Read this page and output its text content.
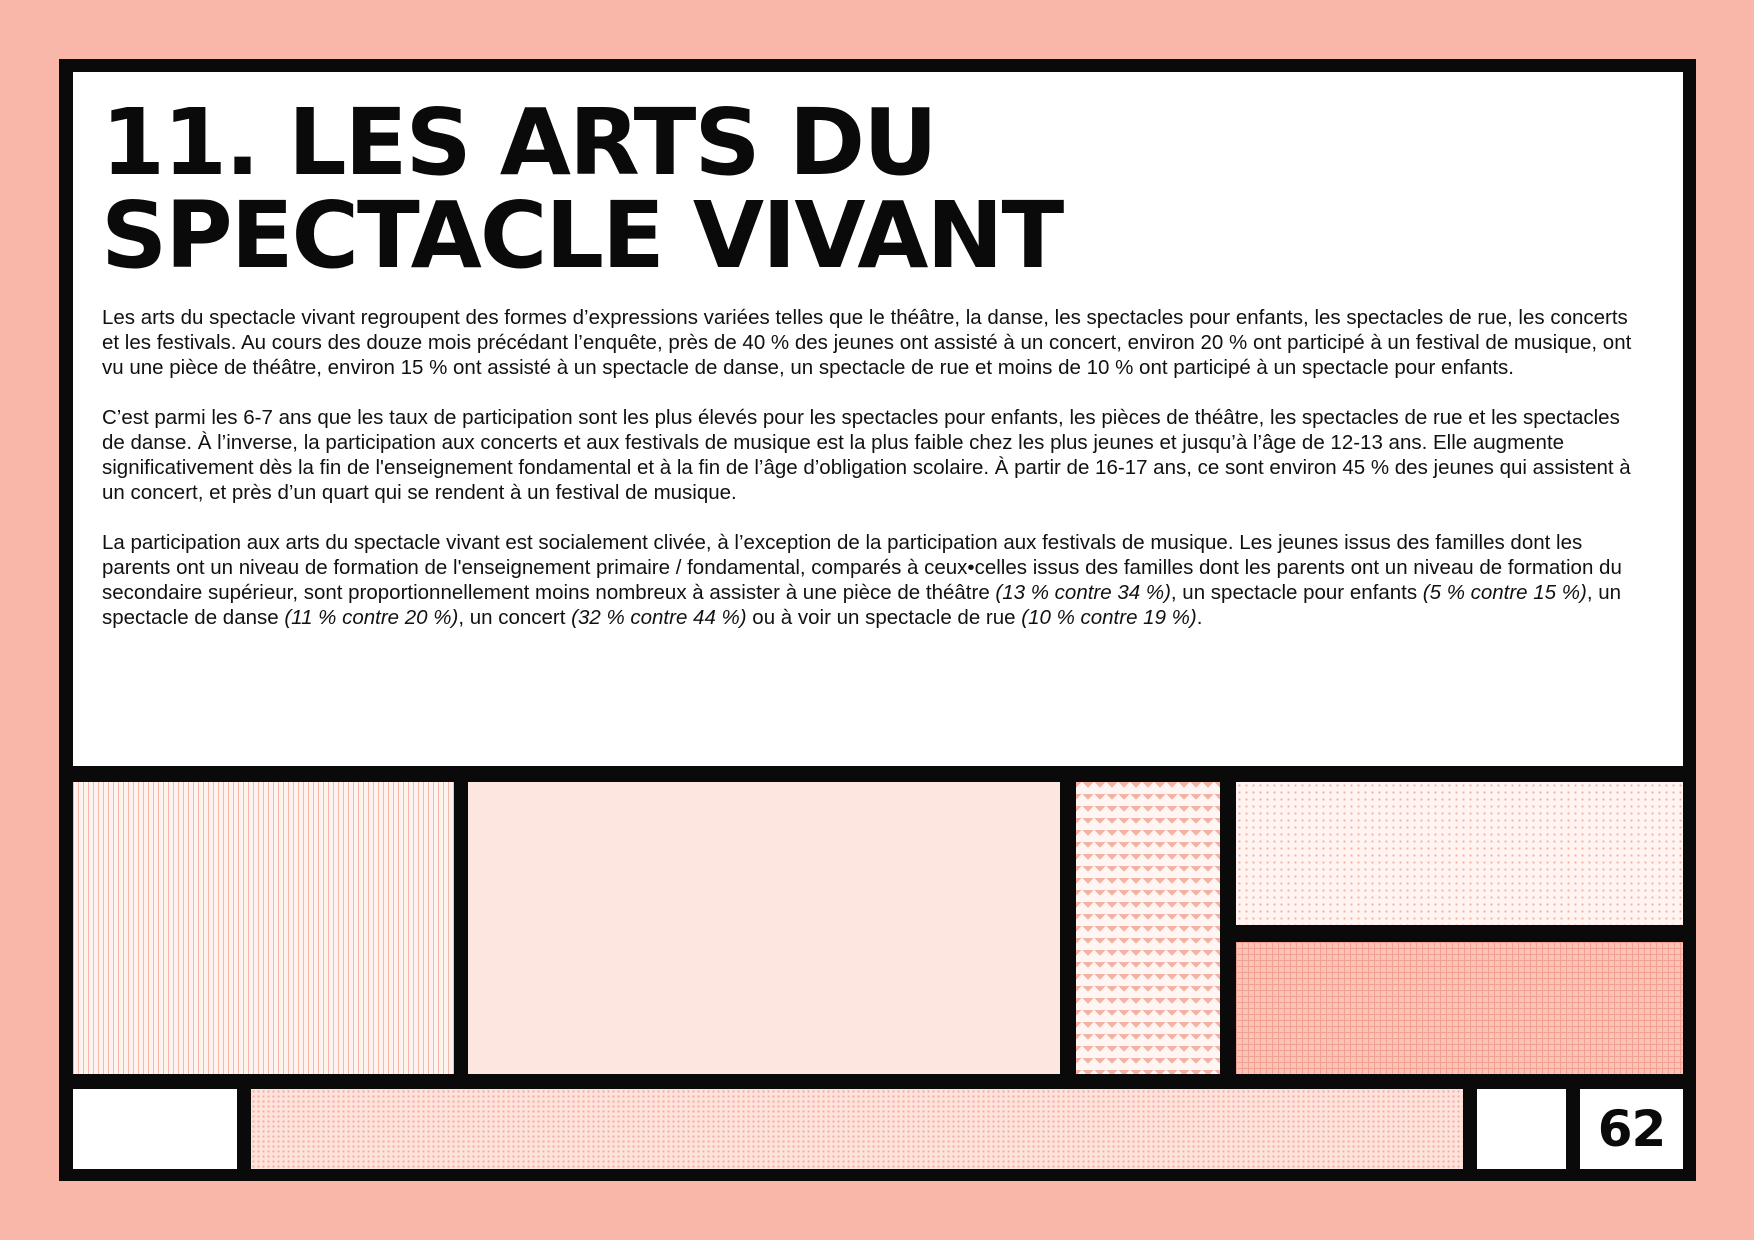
11. LES ARTS DU
SPECTACLE VIVANT

Les arts du spectacle vivant regroupent des formes d’expressions variées telles que le théâtre, la danse, les spectacles pour enfants, les spectacles de rue, les concerts et les festivals. Au cours des douze mois précédant l’enquête, près de 40 % des jeunes ont assisté à un concert, environ 20 % ont participé à un festival de musique, ont vu une pièce de théâtre, environ 15 % ont assisté à un spectacle de danse, un spectacle de rue et moins de 10 % ont participé à un spectacle pour enfants.

C’est parmi les 6-7 ans que les taux de participation sont les plus élevés pour les spectacles pour enfants, les pièces de théâtre, les spectacles de rue et les spectacles de danse. À l’inverse, la participation aux concerts et aux festivals de musique est la plus faible chez les plus jeunes et jusqu’à l’âge de 12-13 ans. Elle augmente significativement dès la fin de l'enseignement fondamental et à la fin de l’âge d’obligation scolaire. À partir de 16-17 ans, ce sont environ 45 % des jeunes qui assistent à un concert, et près d’un quart qui se rendent à un festival de musique.

La participation aux arts du spectacle vivant est socialement clivée, à l’exception de la participation aux festivals de musique. Les jeunes issus des familles dont les parents ont un niveau de formation de l'enseignement primaire / fondamental, comparés à ceux•celles issus des familles dont les parents ont un niveau de formation du secondaire supérieur, sont proportionnellement moins nombreux à assister à une pièce de théâtre (13 % contre 34 %), un spectacle pour enfants (5 % contre 15 %), un spectacle de danse (11 % contre 20 %), un concert (32 % contre 44 %) ou à voir un spectacle de rue (10 % contre 19 %).

62
